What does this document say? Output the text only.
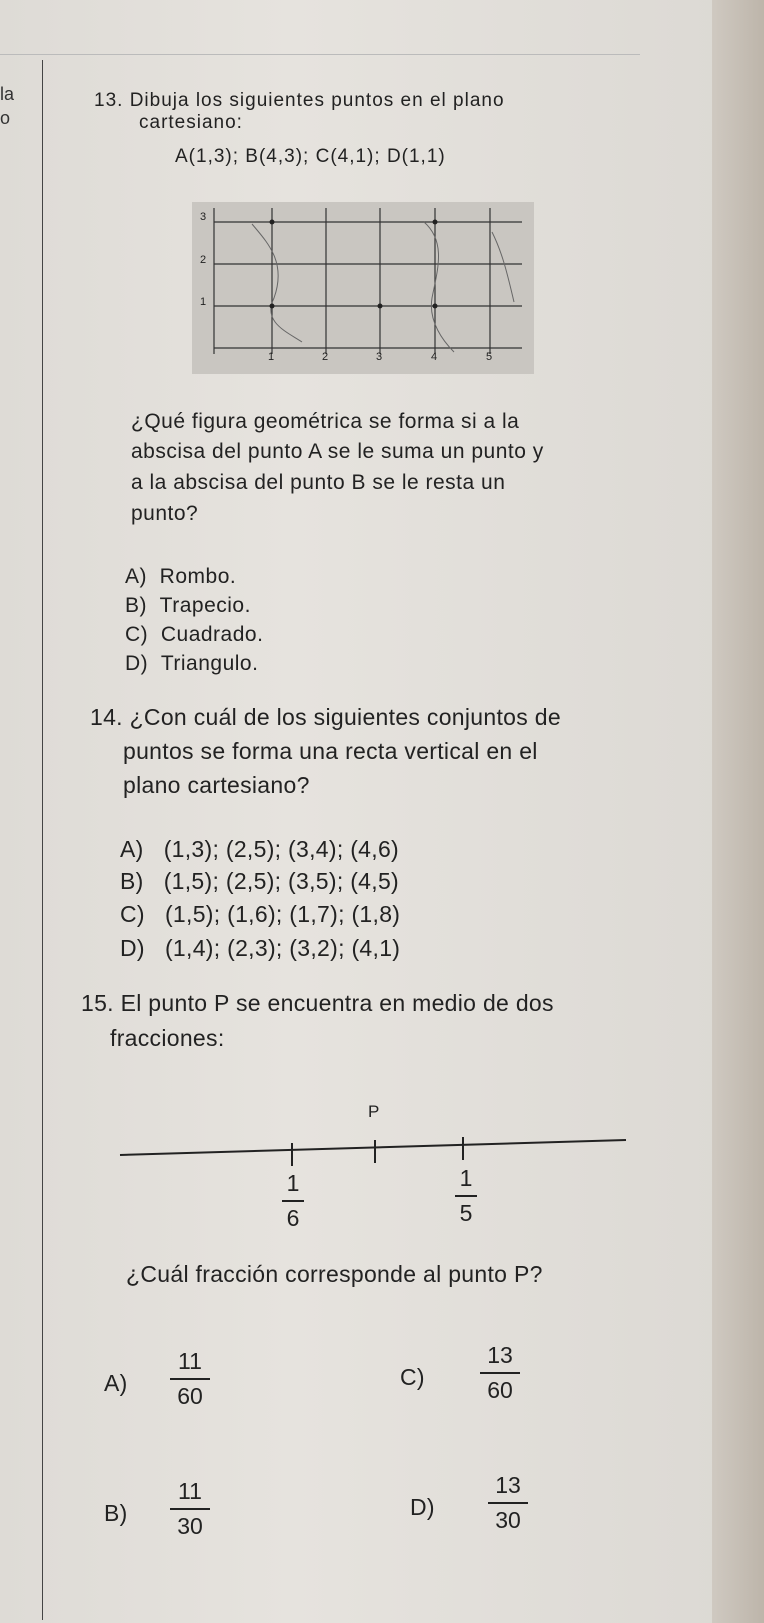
la
o
13. Dibuja los siguientes puntos en el plano
cartesiano:
A(1,3); B(4,3); C(4,1); D(1,1)
3
2
1
1	2	3	4	5
¿Qué figura geométrica se forma si a la
abscisa del punto A se le suma un punto y
a la abscisa del punto B se le resta un
punto?
A) Rombo.
B) Trapecio.
C) Cuadrado.
D) Triangulo.
14. ¿Con cuál de los siguientes conjuntos de
puntos se forma una recta vertical en el
plano cartesiano?
A) (1,3); (2,5); (3,4); (4,6)
B) (1,5); (2,5); (3,5); (4,5)
C) (1,5); (1,6); (1,7); (1,8)
D) (1,4); (2,3); (3,2); (4,1)
15. El punto P se encuentra en medio de dos
fracciones:
P
1
6
1
5
¿Cuál fracción corresponde al punto P?
A)
11
60
C)
13
60
B)
11
30
D)
13
30
